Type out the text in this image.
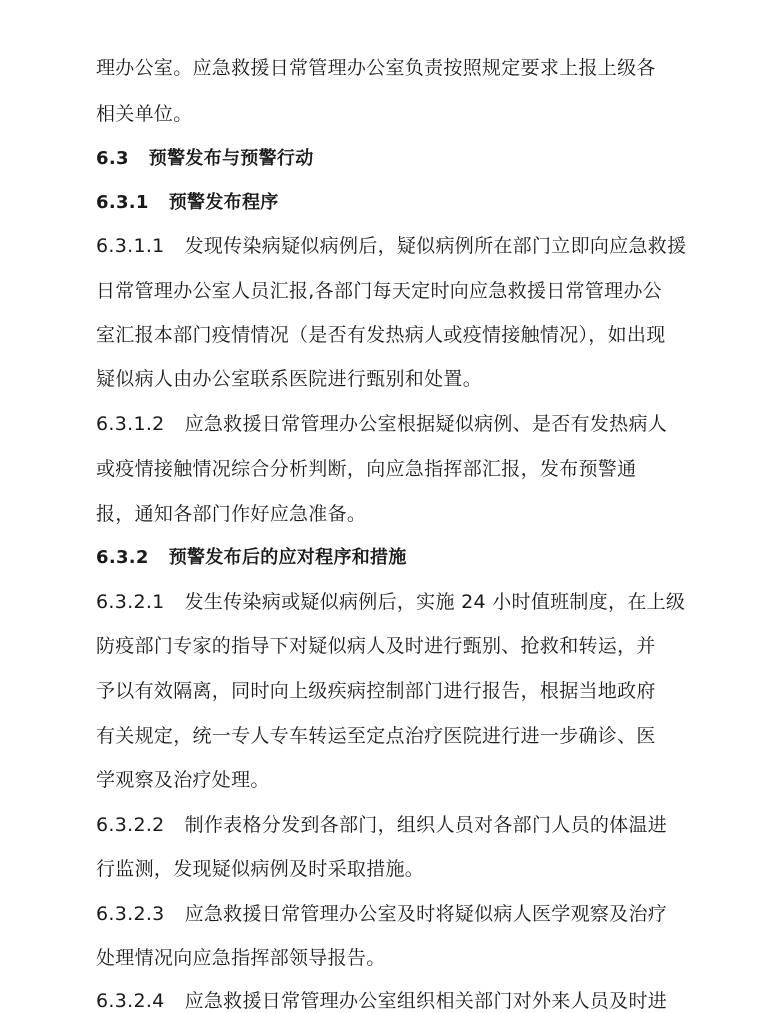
理办公室。应急救援日常管理办公室负责按照规定要求上报上级各
相关单位。
6.3 预警发布与预警行动
6.3.1 预警发布程序
6.3.1.1 发现传染病疑似病例后，疑似病例所在部门立即向应急救援
日常管理办公室人员汇报,各部门每天定时向应急救援日常管理办公
室汇报本部门疫情情况（是否有发热病人或疫情接触情况），如出现
疑似病人由办公室联系医院进行甄别和处置。
6.3.1.2 应急救援日常管理办公室根据疑似病例、是否有发热病人
或疫情接触情况综合分析判断，向应急指挥部汇报，发布预警通
报，通知各部门作好应急准备。
6.3.2 预警发布后的应对程序和措施
6.3.2.1 发生传染病或疑似病例后，实施 24 小时值班制度，在上级
防疫部门专家的指导下对疑似病人及时进行甄别、抢救和转运，并
予以有效隔离，同时向上级疾病控制部门进行报告，根据当地政府
有关规定，统一专人专车转运至定点治疗医院进行进一步确诊、医
学观察及治疗处理。
6.3.2.2 制作表格分发到各部门，组织人员对各部门人员的体温进
行监测，发现疑似病例及时采取措施。
6.3.2.3 应急救援日常管理办公室及时将疑似病人医学观察及治疗
处理情况向应急指挥部领导报告。
6.3.2.4 应急救援日常管理办公室组织相关部门对外来人员及时进
